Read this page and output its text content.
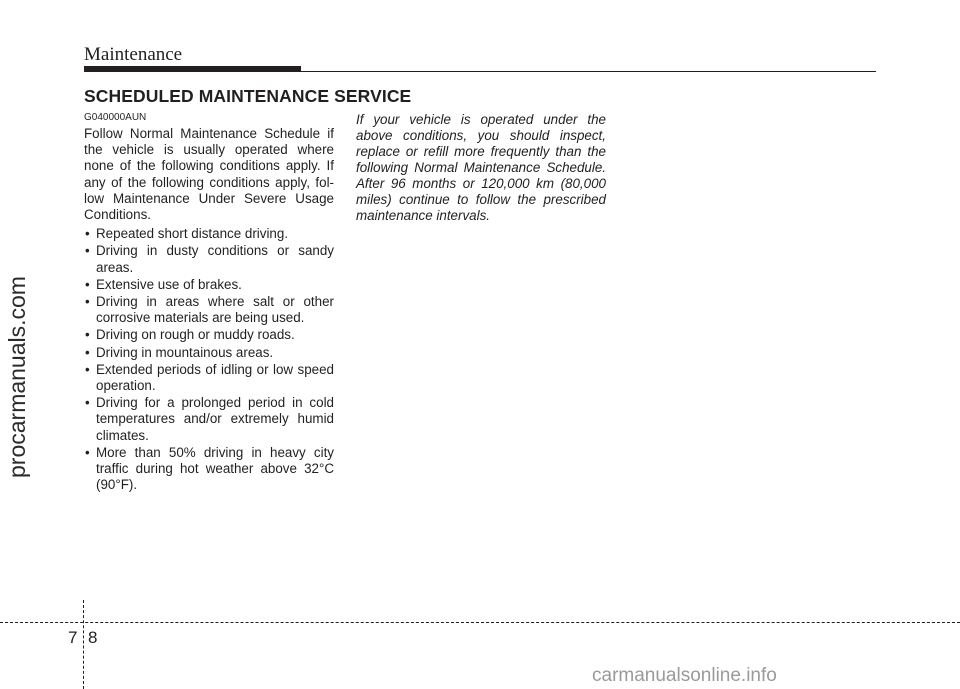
Maintenance
SCHEDULED MAINTENANCE SERVICE
G040000AUN

Follow Normal Maintenance Schedule if the vehicle is usually operated where none of the following conditions apply. If any of the following conditions apply, fol-low Maintenance Under Severe Usage Conditions.

• Repeated short distance driving.
• Driving in dusty conditions or sandy areas.
• Extensive use of brakes.
• Driving in areas where salt or other corrosive materials are being used.
• Driving on rough or muddy roads.
• Driving in mountainous areas.
• Extended periods of idling or low speed operation.
• Driving for a prolonged period in cold temperatures and/or extremely humid climates.
• More than 50% driving in heavy city traffic during hot weather above 32°C (90°F).
If your vehicle is operated under the above conditions, you should inspect, replace or refill more frequently than the following Normal Maintenance Schedule. After 96 months or 120,000 km (80,000 miles) continue to follow the prescribed maintenance intervals.
procarmanuals.com
7 8
carmanualsonline.info
